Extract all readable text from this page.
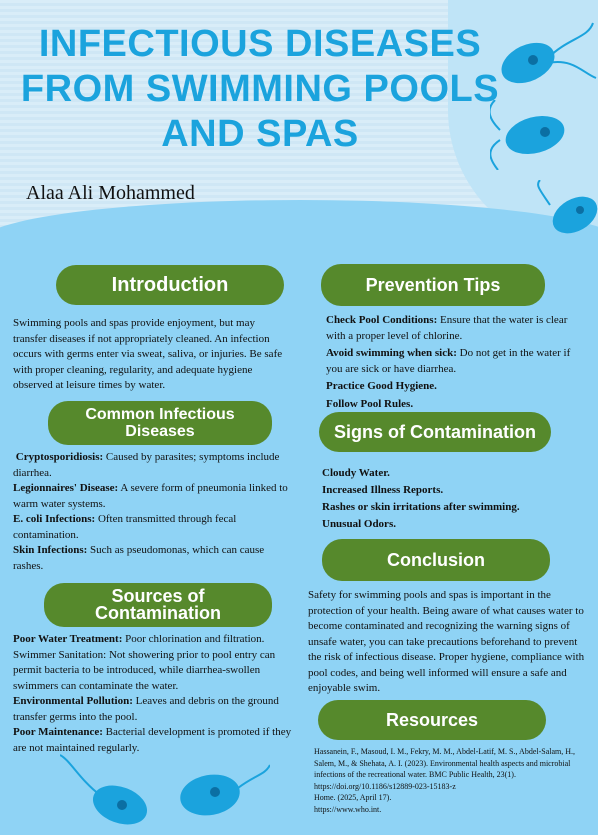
INFECTIOUS DISEASES FROM SWIMMING POOLS AND SPAS
Alaa Ali Mohammed
Introduction

Swimming pools and spas provide enjoyment, but may transfer diseases if not appropriately cleaned. An infection occurs with germs enter via sweat, saliva, or injuries. Be safe with proper cleaning, regularity, and adequate hygiene observed at leisure times by water.

Common Infectious Diseases

Cryptosporidiosis: Caused by parasites; symptoms include diarrhea.

Legionnaires' Disease: A severe form of pneumonia linked to warm water systems.

E. coli Infections: Often transmitted through fecal contamination.

Skin Infections: Such as pseudomonas, which can cause rashes.

Sources of Contamination

Poor Water Treatment: Poor chlorination and filtration.

Swimmer Sanitation: Not showering prior to pool entry can permit bacteria to be introduced, while diarrhea-swollen swimmers can contaminate the water.

Environmental Pollution: Leaves and debris on the ground transfer germs into the pool.

Poor Maintenance: Bacterial development is promoted if they are not maintained regularly.

Prevention Tips

Check Pool Conditions: Ensure that the water is clear with a proper level of chlorine.

Avoid swimming when sick: Do not get in the water if you are sick or have diarrhea.

Practice Good Hygiene.

Follow Pool Rules.

Signs of Contamination

Cloudy Water.

Increased Illness Reports.

Rashes or skin irritations after swimming.

Unusual Odors.

Conclusion

Safety for swimming pools and spas is important in the protection of your health. Being aware of what causes water to become contaminated and recognizing the warning signs of unsafe water, you can take precautions beforehand to prevent the risk of infectious disease. Proper hygiene, compliance with pool codes, and being well informed will ensure a safe and enjoyable swim.

Resources

Hassanein, F., Masoud, I. M., Fekry, M. M., Abdel-Latif, M. S., Abdel-Salam, H., Salem, M., & Shehata, A. I. (2023). Environmental health aspects and microbial infections of the recreational water. BMC Public Health, 23(1).

https://doi.org/10.1186/s12889-023-15183-z

Home. (2025, April 17).

https://www.who.int.
